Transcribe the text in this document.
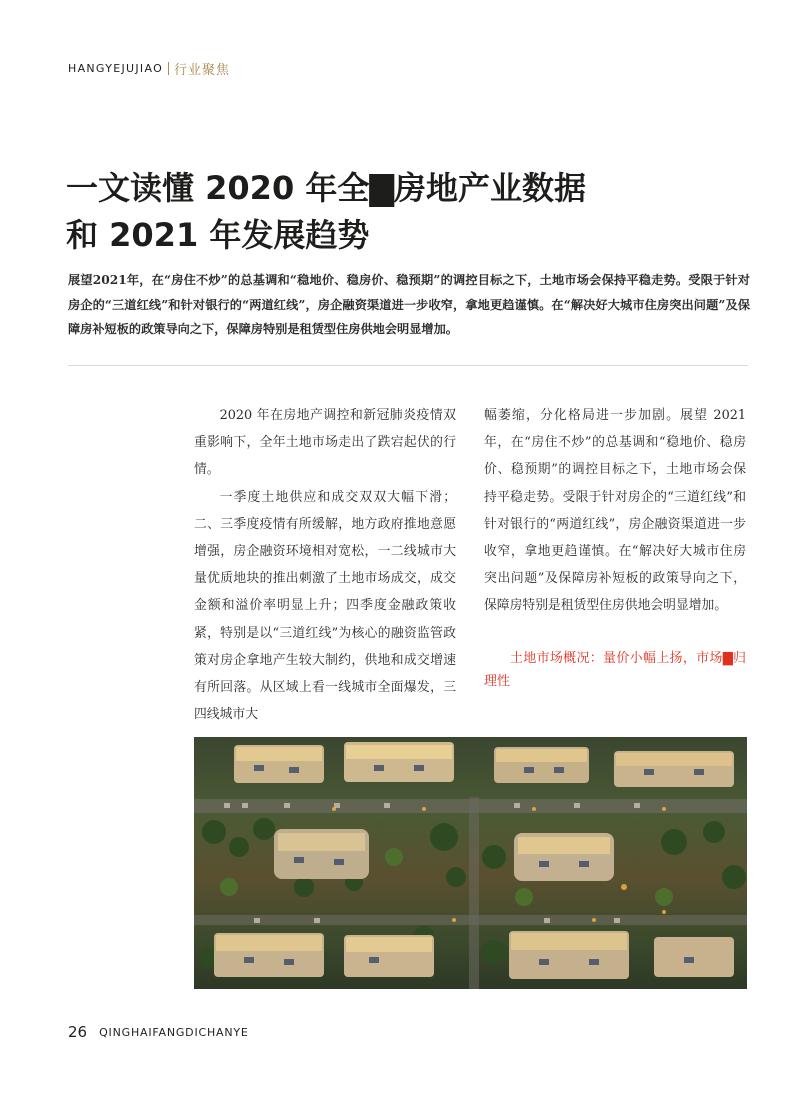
HANGYEJUJIAO 行业聚焦
一文读懂 2020 年全▇房地产业数据
和 2021 年发展趋势

展望2021年，在“房住不炒”的总基调和“稳地价、稳房价、稳预期”的调控目标之下，土地市场会保持平稳走势。受限于针对房企的“三道红线”和针对银行的“两道红线”，房企融资渠道进一步收窄，拿地更趋谨慎。在“解决好大城市住房突出问题”及保障房补短板的政策导向之下，保障房特别是租赁型住房供地会明显增加。

2020 年在房地产调控和新冠肺炎疫情双重影响下，全年土地市场走出了跌宕起伏的行情。

一季度土地供应和成交双双大幅下滑；二、三季度疫情有所缓解，地方政府推地意愿增强，房企融资环境相对宽松，一二线城市大量优质地块的推出刺激了土地市场成交，成交金额和溢价率明显上升；四季度金融政策收紧，特别是以“三道红线”为核心的融资监管政策对房企拿地产生较大制约，供地和成交增速有所回落。从区域上看一线城市全面爆发，三四线城市大

幅萎缩，分化格局进一步加剧。展望 2021 年，在“房住不炒”的总基调和“稳地价、稳房价、稳预期”的调控目标之下，土地市场会保持平稳走势。受限于针对房企的“三道红线”和针对银行的“两道红线”，房企融资渠道进一步收窄，拿地更趋谨慎。在“解决好大城市住房突出问题”及保障房补短板的政策导向之下，保障房特别是租赁型住房供地会明显增加。

土地市场概况：量价小幅上扬，市场▇归理性

26 QINGHAIFANGDICHANYE
